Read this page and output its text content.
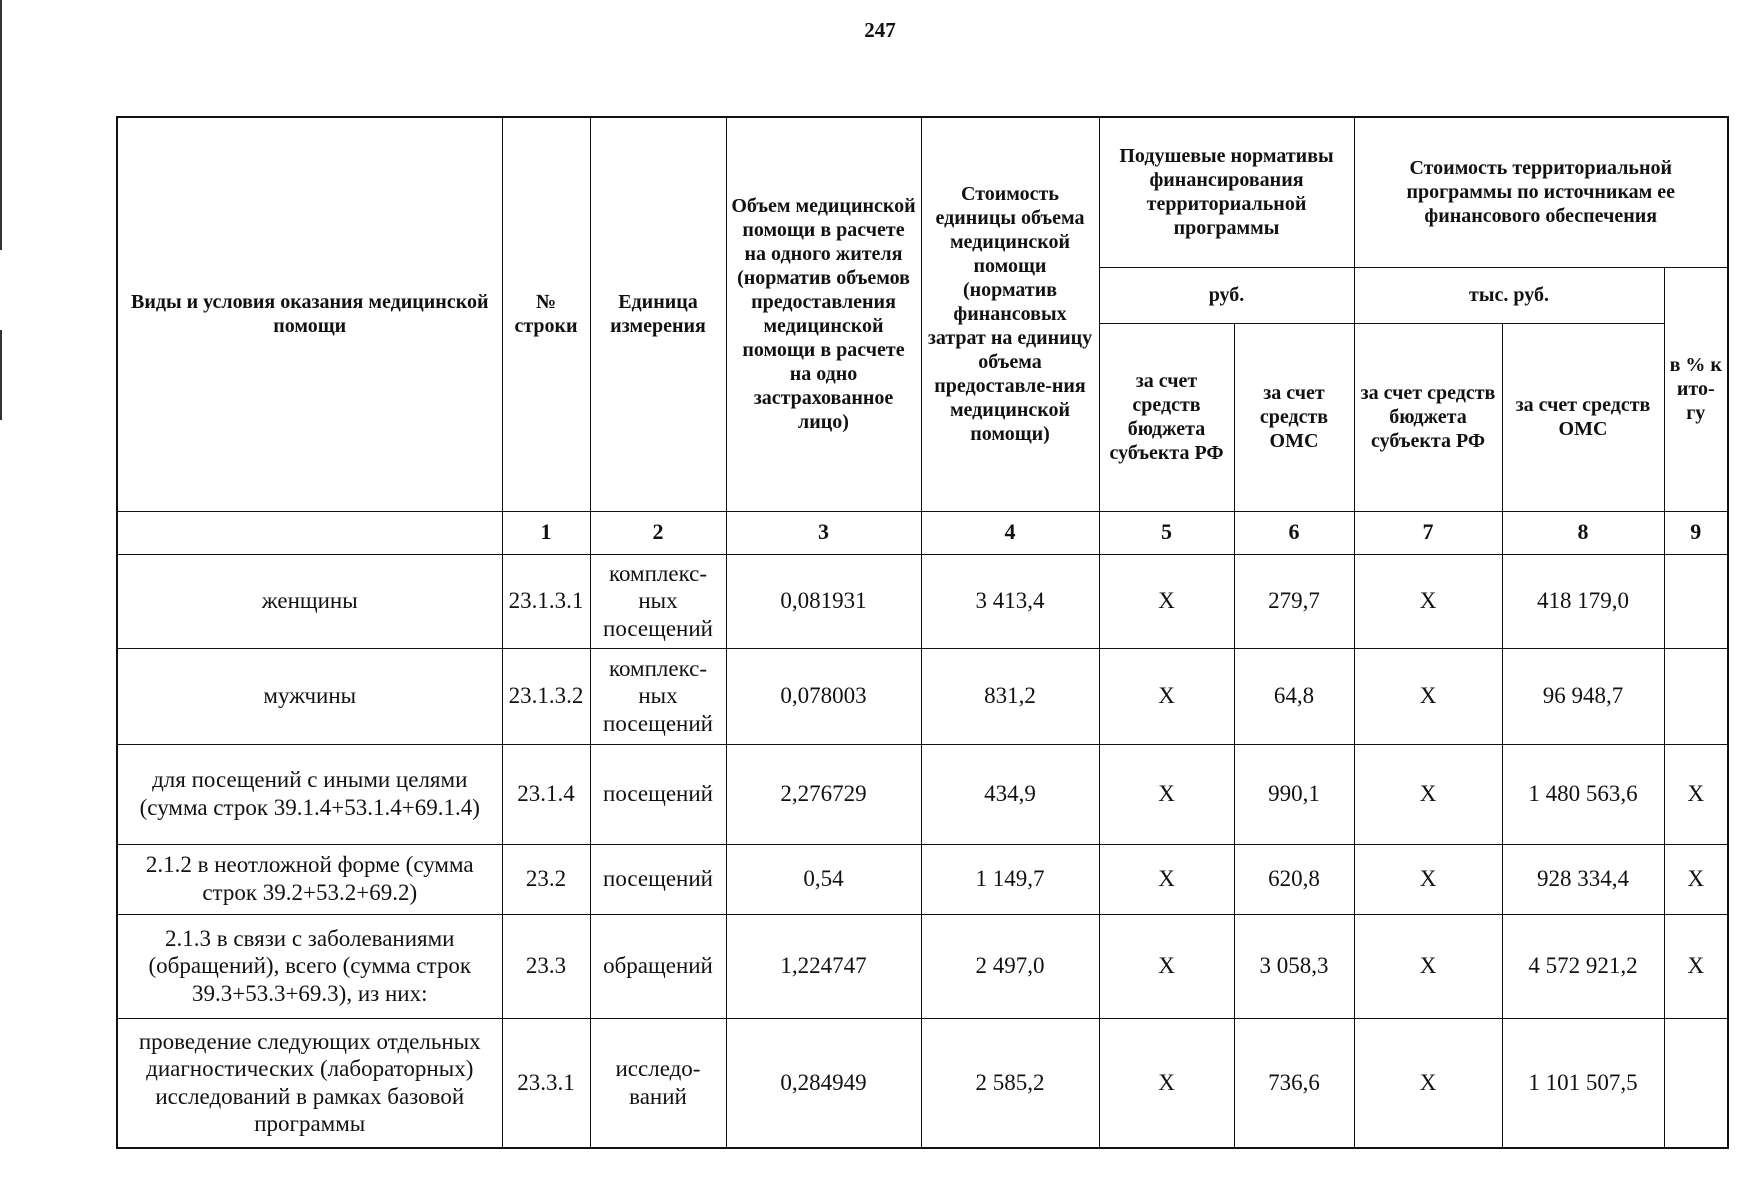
247
Виды и условия оказания медицинской помощи	№ строки	Единица измерения	Объем медицинской помощи в расчете на одного жителя (норматив объемов предоставления медицинской помощи в расчете на одно застрахованное лицо)	Стоимость единицы объема медицинской помощи (норматив финансовых затрат на единицу объема предоставле-ния медицинской помощи)	Подушевые нормативы финансирования территориальной программы		Стоимость территориальной программы по источникам ее финансового обеспечения		
					руб.		тыс. руб.		в % к ито-гу
					за счет средств бюджета субъекта РФ	за счет средств ОМС	за счет средств бюджета субъекта РФ	за счет средств ОМС	
	1	2	3	4	5	6	7	8	9
женщины	23.1.3.1	комплекс-ных посещений	0,081931	3 413,4	X	279,7	X	418 179,0	
мужчины	23.1.3.2	комплекс-ных посещений	0,078003	831,2	X	64,8	X	96 948,7	
для посещений с иными целями (сумма строк 39.1.4+53.1.4+69.1.4)	23.1.4	посещений	2,276729	434,9	X	990,1	X	1 480 563,6	X
2.1.2 в неотложной форме (сумма строк 39.2+53.2+69.2)	23.2	посещений	0,54	1 149,7	X	620,8	X	928 334,4	X
2.1.3 в связи с заболеваниями (обращений), всего (сумма строк 39.3+53.3+69.3), из них:	23.3	обращений	1,224747	2 497,0	X	3 058,3	X	4 572 921,2	X
проведение следующих отдельных диагностических (лабораторных) исследований в рамках базовой программы	23.3.1	исследо-ваний	0,284949	2 585,2	X	736,6	X	1 101 507,5	
